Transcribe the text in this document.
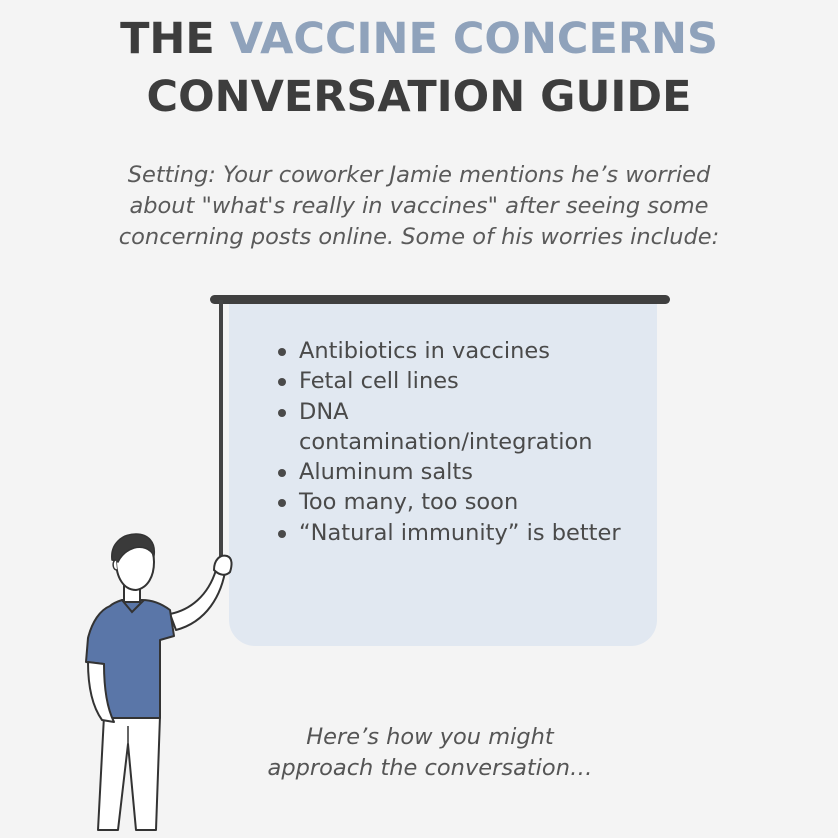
THE VACCINE CONCERNS
CONVERSATION GUIDE

Setting: Your coworker Jamie mentions he’s worried

about "what's really in vaccines" after seeing some

concerning posts online. Some of his worries include:

Antibiotics in vaccines
Fetal cell lines
DNA contamination/integration
Aluminum salts
Too many, too soon
“Natural immunity” is better

Here’s how you might

approach the conversation…
